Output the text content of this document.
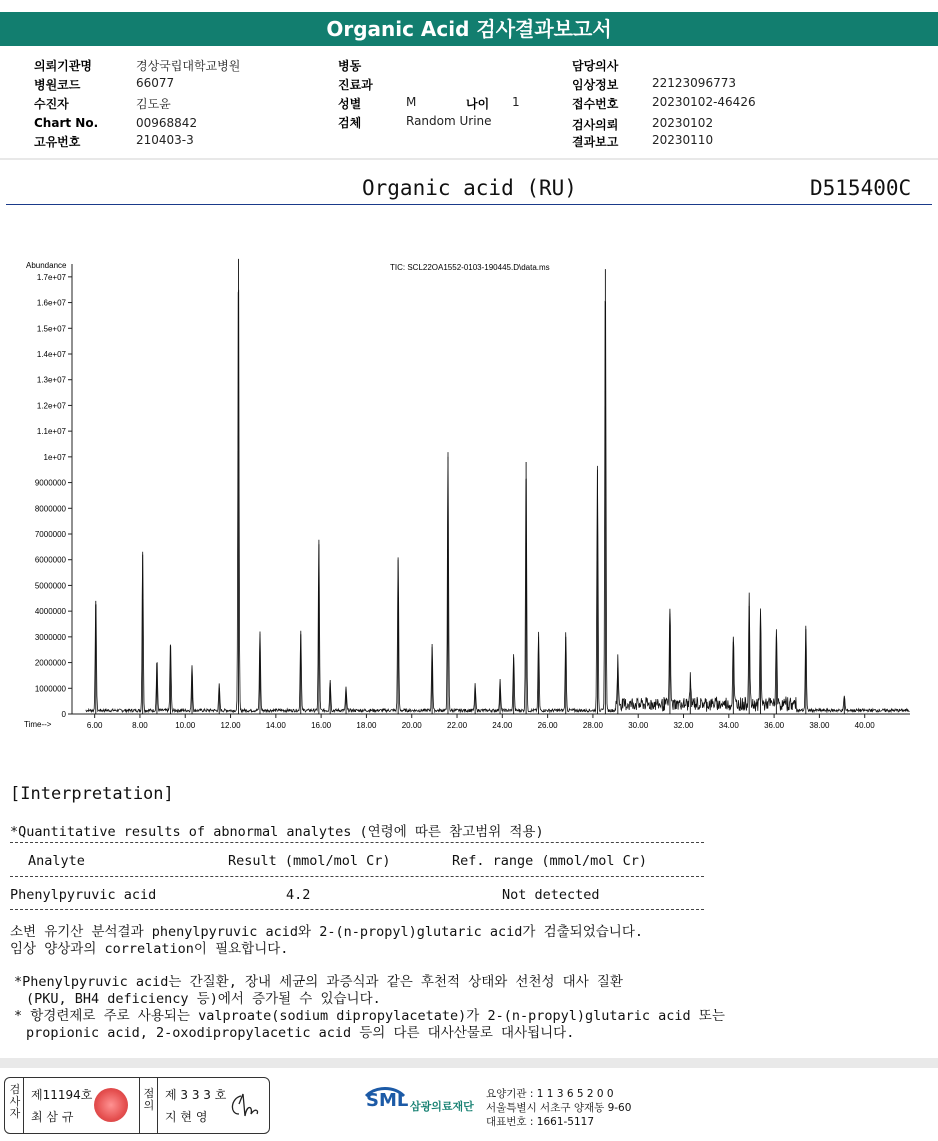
Organic Acid 검사결과보고서
의뢰기관명	경상국립대학교병원
병원코드	66077
수진자	김도윤
Chart No.	00968842
고유번호	210403-3
병동
진료과
성별	M	나이 1
검체	Random Urine
담당의사
임상정보	22123096773
접수번호	20230102-46426
검사의뢰	20230102
결과보고	20230110
Organic acid (RU)	D515400C
Abundance	TIC: SCL22OA1552-0103-190445.D\data.ms
Time-->
0
1000000
2000000
3000000
4000000
5000000
6000000
7000000
8000000
9000000
1e+07
1.1e+07
1.2e+07
1.3e+07
1.4e+07
1.5e+07
1.6e+07
1.7e+07
6.00	8.00	10.00	12.00	14.00	16.00	18.00	20.00	22.00	24.00	26.00	28.00	30.00	32.00	34.00	36.00	38.00	40.00
[Interpretation]
*Quantitative results of abnormal analytes (연령에 따른 참고범위 적용)
Analyte	Result (mmol/mol Cr)	Ref. range (mmol/mol Cr)
Phenylpyruvic acid	4.2	Not detected
소변 유기산 분석결과 phenylpyruvic acid와 2-(n-propyl)glutaric acid가 검출되었습니다.
임상 양상과의 correlation이 필요합니다.
*Phenylpyruvic acid는 간질환, 장내 세균의 과증식과 같은 후천적 상태와 선천성 대사 질환
(PKU, BH4 deficiency 등)에서 증가될 수 있습니다.
* 항경련제로 주로 사용되는 valproate(sodium dipropylacetate)가 2-(n-propyl)glutaric acid 또는
propionic acid, 2-oxodipropylacetic acid 등의 다른 대사산물로 대사됩니다.
검사자
제11194호
최 삼 규
점의
제 3 3 3 호
지 현 영
SML 삼광의료재단
요양기관 : 1 1 3 6 5 2 0 0
서울특별시 서초구 양재동 9-60
대표번호 : 1661-5117
